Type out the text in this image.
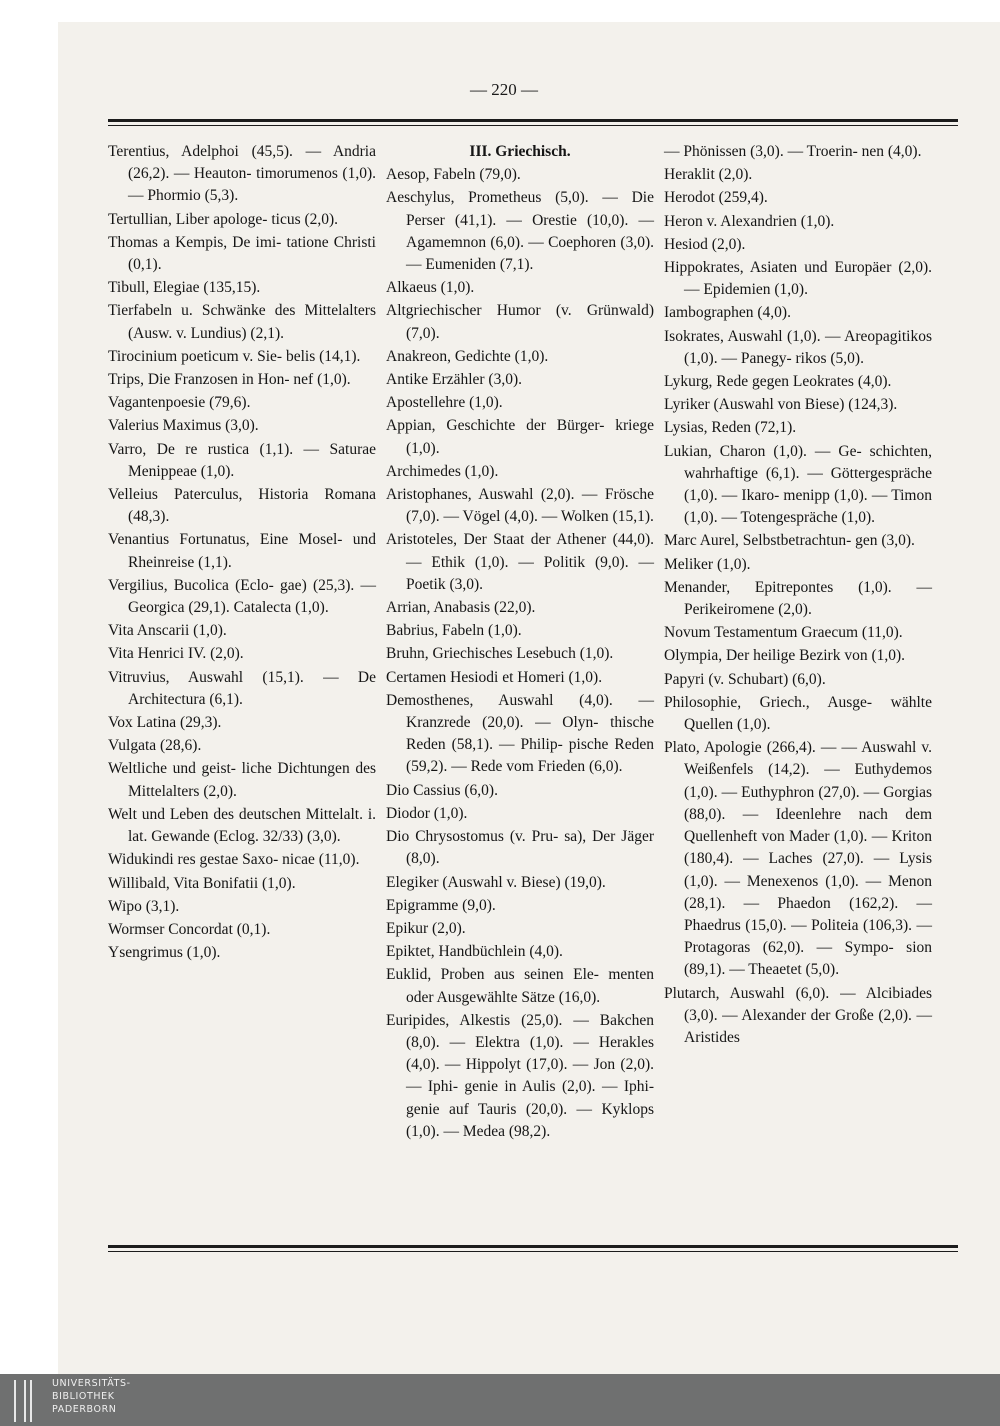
— 220 —
Terentius, Adelphoi (45,5). — Andria (26,2). — Heauton- timorumenos (1,0). — Phormio (5,3).
Tertullian, Liber apologe- ticus (2,0).
Thomas a Kempis, De imi- tatione Christi (0,1).
Tibull, Elegiae (135,15).
Tierfabeln u. Schwänke des Mittelalters (Ausw. v. Lundius) (2,1).
Tirocinium poeticum v. Sie- belis (14,1).
Trips, Die Franzosen in Hon- nef (1,0).
Vagantenpoesie (79,6).
Valerius Maximus (3,0).
Varro, De re rustica (1,1). — Saturae Menippeae (1,0).
Velleius Paterculus, Historia Romana (48,3).
Venantius Fortunatus, Eine Mosel- und Rheinreise (1,1).
Vergilius, Bucolica (Eclo- gae) (25,3). — Georgica (29,1). Catalecta (1,0).
Vita Anscarii (1,0).
Vita Henrici IV. (2,0).
Vitruvius, Auswahl (15,1). — De Architectura (6,1).
Vox Latina (29,3).
Vulgata (28,6).
Weltliche und geist- liche Dichtungen des Mittelalters (2,0).
Welt und Leben des deutschen Mittelalt. i. lat. Gewande (Eclog. 32/33) (3,0).
Widukindi res gestae Saxo- nicae (11,0).
Willibald, Vita Bonifatii (1,0).
Wipo (3,1).
Wormser Concordat (0,1).
Ysengrimus (1,0).
III. Griechisch.
Aesop, Fabeln (79,0).
Aeschylus, Prometheus (5,0). — Die Perser (41,1). — Orestie (10,0). — Agamemnon (6,0). — Coephoren (3,0). — Eumeniden (7,1).
Alkaeus (1,0).
Altgriechischer Humor (v. Grünwald) (7,0).
Anakreon, Gedichte (1,0).
Antike Erzähler (3,0).
Apostellehre (1,0).
Appian, Geschichte der Bürger- kriege (1,0).
Archimedes (1,0).
Aristophanes, Auswahl (2,0). — Frösche (7,0). — Vögel (4,0). — Wolken (15,1).
Aristoteles, Der Staat der Athener (44,0). — Ethik (1,0). — Politik (9,0). — Poetik (3,0).
Arrian, Anabasis (22,0).
Babrius, Fabeln (1,0).
Bruhn, Griechisches Lesebuch (1,0).
Certamen Hesiodi et Homeri (1,0).
Demosthenes, Auswahl (4,0). — Kranzrede (20,0). — Olyn- thische Reden (58,1). — Philip- pische Reden (59,2). — Rede vom Frieden (6,0).
Dio Cassius (6,0).
Diodor (1,0).
Dio Chrysostomus (v. Pru- sa), Der Jäger (8,0).
Elegiker (Auswahl v. Biese) (19,0).
Epigramme (9,0).
Epikur (2,0).
Epiktet, Handbüchlein (4,0).
Euklid, Proben aus seinen Ele- menten oder Ausgewählte Sätze (16,0).
Euripides, Alkestis (25,0). — Bakchen (8,0). — Elektra (1,0). — Herakles (4,0). — Hippolyt (17,0). — Jon (2,0). — Iphi- genie in Aulis (2,0). — Iphi- genie auf Tauris (20,0). — Kyklops (1,0). — Medea (98,2).
— Phönissen (3,0). — Troerin- nen (4,0).
Heraklit (2,0).
Herodot (259,4).
Heron v. Alexandrien (1,0).
Hesiod (2,0).
Hippokrates, Asiaten und Europäer (2,0). — Epidemien (1,0).
Iambographen (4,0).
Isokrates, Auswahl (1,0). — Areopagitikos (1,0). — Panegy- rikos (5,0).
Lykurg, Rede gegen Leokrates (4,0).
Lyriker (Auswahl von Biese) (124,3).
Lysias, Reden (72,1).
Lukian, Charon (1,0). — Ge- schichten, wahrhaftige (6,1). — Göttergespräche (1,0). — Ikaro- menipp (1,0). — Timon (1,0). — Totengespräche (1,0).
Marc Aurel, Selbstbetrachtun- gen (3,0).
Meliker (1,0).
Menander, Epitrepontes (1,0). — Perikeiromene (2,0).
Novum Testamentum Graecum (11,0).
Olympia, Der heilige Bezirk von (1,0).
Papyri (v. Schubart) (6,0).
Philosophie, Griech., Ausge- wählte Quellen (1,0).
Plato, Apologie (266,4). — — Auswahl v. Weißenfels (14,2). — Euthydemos (1,0). — Euthyphron (27,0). — Gorgias (88,0). — Ideenlehre nach dem Quellenheft von Mader (1,0). — Kriton (180,4). — Laches (27,0). — Lysis (1,0). — Menexenos (1,0). — Menon (28,1). — Phaedon (162,2). — Phaedrus (15,0). — Politeia (106,3). — Protagoras (62,0). — Sympo- sion (89,1). — Theaetet (5,0).
Plutarch, Auswahl (6,0). — Alcibiades (3,0). — Alexander der Große (2,0). — Aristides
UNIVERSITÄTS-
BIBLIOTHEK
PADERBORN
